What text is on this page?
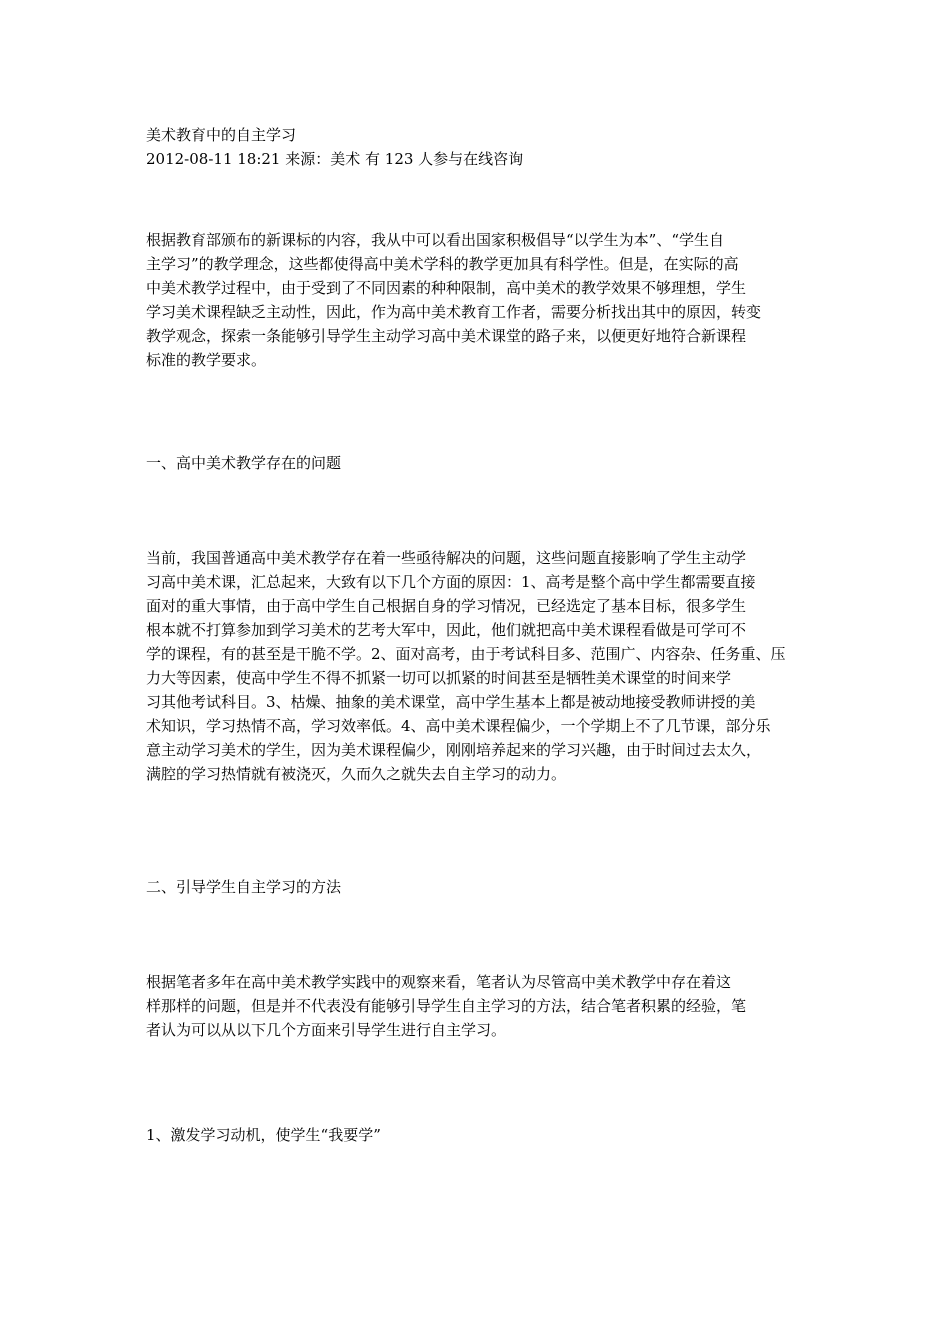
美术教育中的自主学习
2012-08-11 18:21 来源：美术 有 123 人参与在线咨询
根据教育部颁布的新课标的内容，我从中可以看出国家积极倡导“以学生为本”、“学生自
主学习”的教学理念，这些都使得高中美术学科的教学更加具有科学性。但是，在实际的高
中美术教学过程中，由于受到了不同因素的种种限制，高中美术的教学效果不够理想，学生
学习美术课程缺乏主动性，因此，作为高中美术教育工作者，需要分析找出其中的原因，转变
教学观念，探索一条能够引导学生主动学习高中美术课堂的路子来，以便更好地符合新课程
标准的教学要求。
一、高中美术教学存在的问题
当前，我国普通高中美术教学存在着一些亟待解决的问题，这些问题直接影响了学生主动学
习高中美术课，汇总起来，大致有以下几个方面的原因：1、高考是整个高中学生都需要直接
面对的重大事情，由于高中学生自己根据自身的学习情况，已经选定了基本目标，很多学生
根本就不打算参加到学习美术的艺考大军中，因此，他们就把高中美术课程看做是可学可不
学的课程，有的甚至是干脆不学。2、面对高考，由于考试科目多、范围广、内容杂、任务重、压
力大等因素，使高中学生不得不抓紧一切可以抓紧的时间甚至是牺牲美术课堂的时间来学
习其他考试科目。3、枯燥、抽象的美术课堂，高中学生基本上都是被动地接受教师讲授的美
术知识，学习热情不高，学习效率低。4、高中美术课程偏少，一个学期上不了几节课，部分乐
意主动学习美术的学生，因为美术课程偏少，刚刚培养起来的学习兴趣，由于时间过去太久，
满腔的学习热情就有被浇灭，久而久之就失去自主学习的动力。
二、引导学生自主学习的方法
根据笔者多年在高中美术教学实践中的观察来看，笔者认为尽管高中美术教学中存在着这
样那样的问题，但是并不代表没有能够引导学生自主学习的方法，结合笔者积累的经验，笔
者认为可以从以下几个方面来引导学生进行自主学习。
1、激发学习动机，使学生“我要学”
